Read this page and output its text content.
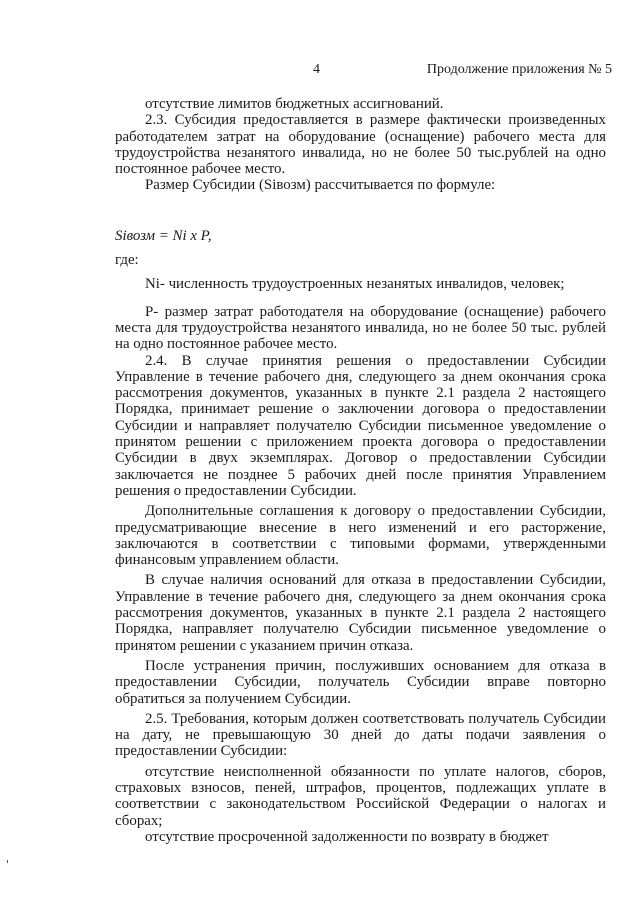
4	Продолжение приложения № 5

отсутствие лимитов бюджетных ассигнований.

2.3. Субсидия предоставляется в размере фактически произведенных работодателем затрат на оборудование (оснащение) рабочего места для трудоустройства незанятого инвалида, но не более 50 тыс.рублей на одно постоянное рабочее место.

Размер Субсидии (Siвозм) рассчитывается по формуле:

Siвозм = Ni x P,

где:

Ni- численность трудоустроенных незанятых инвалидов, человек;

P- размер затрат работодателя на оборудование (оснащение) рабочего места для трудоустройства незанятого инвалида, но не более 50 тыс. рублей на одно постоянное рабочее место.

2.4. В случае принятия решения о предоставлении Субсидии Управление в течение рабочего дня, следующего за днем окончания срока рассмотрения документов, указанных в пункте 2.1 раздела 2 настоящего Порядка, принимает решение о заключении договора о предоставлении Субсидии и направляет получателю Субсидии письменное уведомление о принятом решении с приложением проекта договора о предоставлении Субсидии в двух экземплярах. Договор о предоставлении Субсидии заключается не позднее 5 рабочих дней после принятия Управлением решения о предоставлении Субсидии.

Дополнительные соглашения к договору о предоставлении Субсидии, предусматривающие внесение в него изменений и его расторжение, заключаются в соответствии с типовыми формами, утвержденными финансовым управлением области.

В случае наличия оснований для отказа в предоставлении Субсидии, Управление в течение рабочего дня, следующего за днем окончания срока рассмотрения документов, указанных в пункте 2.1 раздела 2 настоящего Порядка, направляет получателю Субсидии письменное уведомление о принятом решении с указанием причин отказа.

После устранения причин, послуживших основанием для отказа в предоставлении Субсидии, получатель Субсидии вправе повторно обратиться за получением Субсидии.

2.5. Требования, которым должен соответствовать получатель Субсидии на дату, не превышающую 30 дней до даты подачи заявления о предоставлении Субсидии:

отсутствие неисполненной обязанности по уплате налогов, сборов, страховых взносов, пеней, штрафов, процентов, подлежащих уплате в соответствии с законодательством Российской Федерации о налогах и сборах;

отсутствие просроченной задолженности по возврату в бюджет
